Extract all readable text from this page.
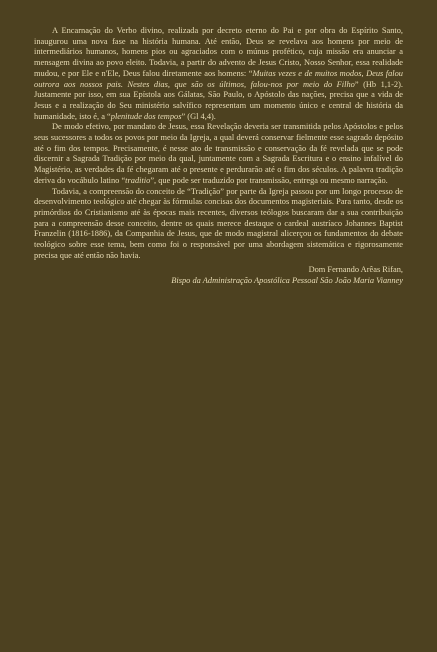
A Encarnação do Verbo divino, realizada por decreto eterno do Pai e por obra do Espírito Santo, inaugurou uma nova fase na história humana. Até então, Deus se revelava aos homens por meio de intermediários humanos, homens pios ou agraciados com o múnus profético, cuja missão era anunciar a mensagem divina ao povo eleito. Todavia, a partir do advento de Jesus Cristo, Nosso Senhor, essa realidade mudou, e por Ele e n'Ele, Deus falou diretamente aos homens: “Muitas vezes e de muitos modos, Deus falou outrora aos nossos pais. Nestes dias, que são os últimos, falou-nos por meio do Filho” (Hb 1,1-2). Justamente por isso, em sua Epístola aos Gálatas, São Paulo, o Apóstolo das nações, precisa que a vida de Jesus e a realização do Seu ministério salvífico representam um momento único e central de história da humanidade, isto é, a “plenitude dos tempos” (Gl 4,4).

De modo efetivo, por mandato de Jesus, essa Revelação deveria ser transmitida pelos Apóstolos e pelos seus sucessores a todos os povos por meio da Igreja, a qual deverá conservar fielmente esse sagrado depósito até o fim dos tempos. Precisamente, é nesse ato de transmissão e conservação da fé revelada que se pode discernir a Sagrada Tradição por meio da qual, juntamente com a Sagrada Escritura e o ensino infalível do Magistério, as verdades da fé chegaram até o presente e perdurarão até o fim dos séculos. A palavra tradição deriva do vocábulo latino “traditio”, que pode ser traduzido por transmissão, entrega ou mesmo narração.

Todavia, a compreensão do conceito de “Tradição” por parte da Igreja passou por um longo processo de desenvolvimento teológico até chegar às fórmulas concisas dos documentos magisteriais. Para tanto, desde os primórdios do Cristianismo até às épocas mais recentes, diversos teólogos buscaram dar a sua contribuição para a compreensão desse conceito, dentre os quais merece destaque o cardeal austríaco Johannes Baptist Franzelin (1816-1886), da Companhia de Jesus, que de modo magistral alicerçou os fundamentos do debate teológico sobre esse tema, bem como foi o responsável por uma abordagem sistemática e rigorosamente precisa que até então não havia.

Dom Fernando Arêas Rifan,
Bispo da Administração Apostólica Pessoal São João Maria Vianney
